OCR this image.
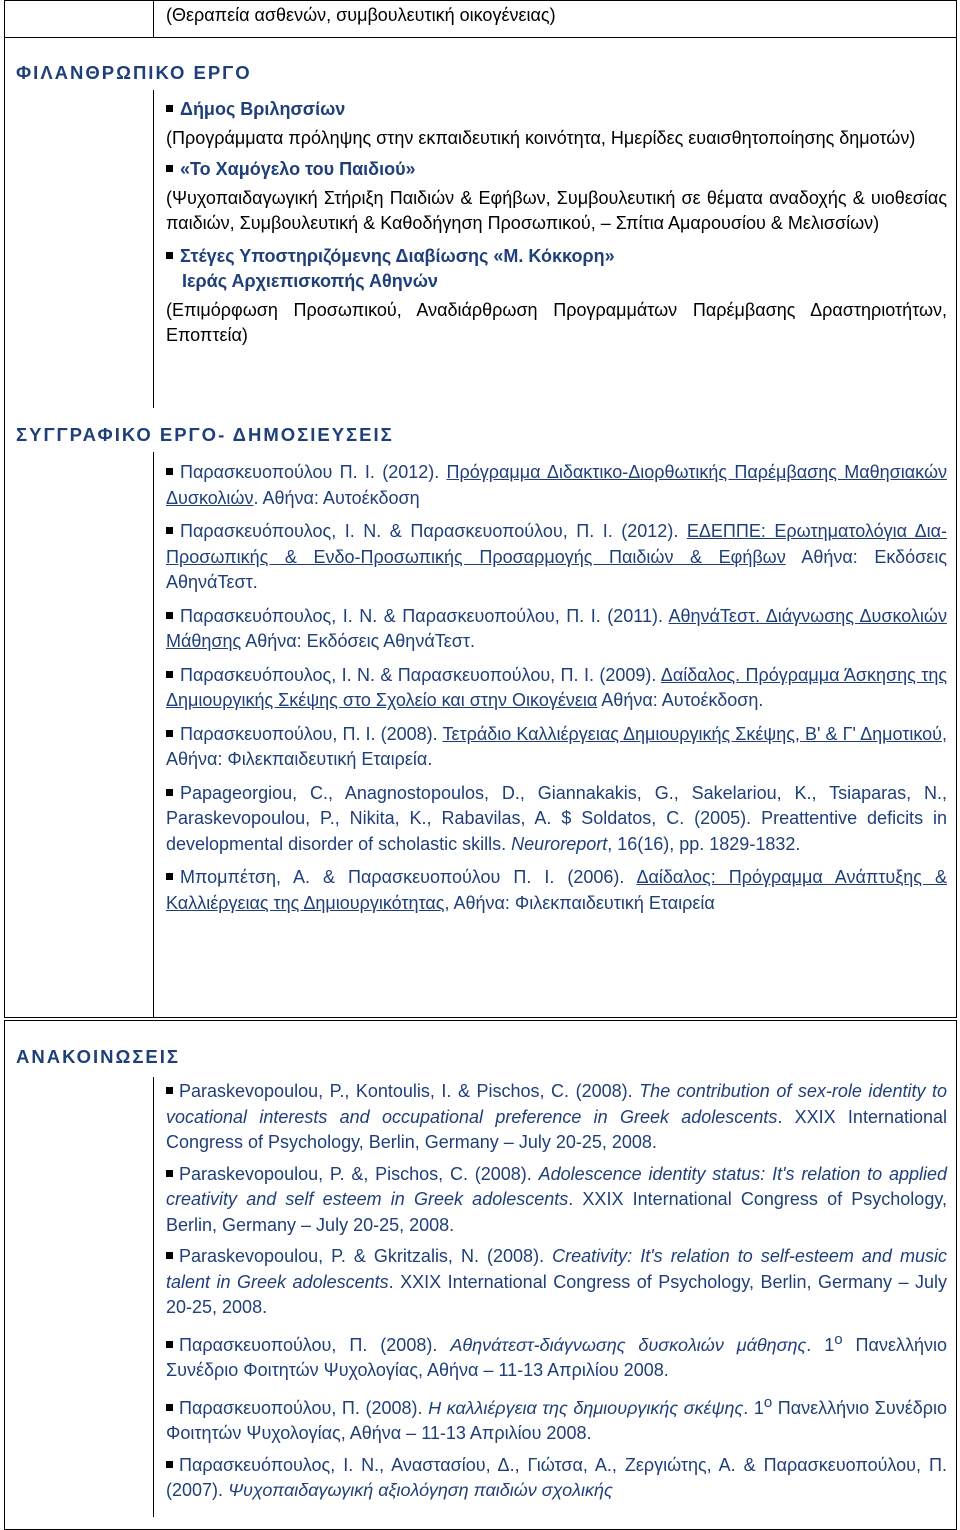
(Θεραπεία ασθενών, συμβουλευτική οικογένειας)
ΦΙΛΑΝΘΡΩΠΙΚΟ ΕΡΓΟ
Δήμος Βριλησσίων
(Προγράμματα πρόληψης στην εκπαιδευτική κοινότητα, Ημερίδες ευαισθητοποίησης δημοτών)
«Το Χαμόγελο του Παιδιού»
(Ψυχοπαιδαγωγική Στήριξη Παιδιών & Εφήβων, Συμβουλευτική σε θέματα αναδοχής & υιοθεσίας παιδιών, Συμβουλευτική & Καθοδήγηση Προσωπικού, – Σπίτια Αμαρουσίου & Μελισσίων)
Στέγες Υποστηριζόμενης Διαβίωσης «Μ. Κόκκορη»
Ιεράς Αρχιεπισκοπής Αθηνών
(Επιμόρφωση Προσωπικού, Αναδιάρθρωση Προγραμμάτων Παρέμβασης Δραστηριοτήτων, Εποπτεία)
ΣΥΓΓΡΑΦΙΚΟ ΕΡΓΟ- ΔΗΜΟΣΙΕΥΣΕΙΣ
Παρασκευοπούλου Π. Ι. (2012). Πρόγραμμα Διδακτικο-Διορθωτικής Παρέμβασης Μαθησιακών Δυσκολιών. Αθήνα: Αυτοέκδοση
Παρασκευόπουλος, Ι. Ν. & Παρασκευοπούλου, Π. Ι. (2012). ΕΔΕΠΠΕ: Ερωτηματολόγια Δια-Προσωπικής & Ενδο-Προσωπικής Προσαρμογής Παιδιών & Εφήβων Αθήνα: Εκδόσεις ΑθηνάΤεστ.
Παρασκευόπουλος, Ι. Ν. & Παρασκευοπούλου, Π. Ι. (2011). ΑθηνάΤεστ. Διάγνωσης Δυσκολιών Μάθησης Αθήνα: Εκδόσεις ΑθηνάΤεστ.
Παρασκευόπουλος, Ι. Ν. & Παρασκευοπούλου, Π. Ι. (2009). Δαίδαλος. Πρόγραμμα Άσκησης της Δημιουργικής Σκέψης στο Σχολείο και στην Οικογένεια Αθήνα: Αυτοέκδοση.
Παρασκευοπούλου, Π. Ι. (2008). Τετράδιο Καλλιέργειας Δημιουργικής Σκέψης, Β' & Γ' Δημοτικού, Αθήνα: Φιλεκπαιδευτική Εταιρεία.
Papageorgiou, C., Anagnostopoulos, D., Giannakakis, G., Sakelariou, K., Tsiaparas, N., Paraskevopoulou, P., Nikita, K., Rabavilas, A. $ Soldatos, C. (2005). Preattentive deficits in developmental disorder of scholastic skills. Neuroreport, 16(16), pp. 1829-1832.
Μπομπέτση, Α. & Παρασκευοπούλου Π. Ι. (2006). Δαίδαλος: Πρόγραμμα Ανάπτυξης & Καλλιέργειας της Δημιουργικότητας, Αθήνα: Φιλεκπαιδευτική Εταιρεία
ΑΝΑΚΟΙΝΩΣΕΙΣ
Paraskevopoulou, P., Kontoulis, I. & Pischos, C. (2008). The contribution of sex-role identity to vocational interests and occupational preference in Greek adolescents. XXIX International Congress of Psychology, Berlin, Germany – July 20-25, 2008.
Paraskevopoulou, P. &, Pischos, C. (2008). Adolescence identity status: It's relation to applied creativity and self esteem in Greek adolescents. XXIX International Congress of Psychology, Berlin, Germany – July 20-25, 2008.
Paraskevopoulou, P. & Gkritzalis, N. (2008). Creativity: It's relation to self-esteem and music talent in Greek adolescents. XXIX International Congress of Psychology, Berlin, Germany – July 20-25, 2008.
Παρασκευοπούλου, Π. (2008). Αθηνάτεστ-διάγνωσης δυσκολιών μάθησης. $1^o$ Πανελλήνιο Συνέδριο Φοιτητών Ψυχολογίας, Αθήνα – 11-13 Απριλίου 2008.
Παρασκευοπούλου, Π. (2008). Η καλλιέργεια της δημιουργικής σκέψης. $1^o$ Πανελλήνιο Συνέδριο Φοιτητών Ψυχολογίας, Αθήνα – 11-13 Απριλίου 2008.
Παρασκευόπουλος, Ι. Ν., Αναστασίου, Δ., Γιώτσα, Α., Ζεργιώτης, Α. & Παρασκευοπούλου, Π. (2007). Ψυχοπαιδαγωγική αξιολόγηση παιδιών σχολικής
